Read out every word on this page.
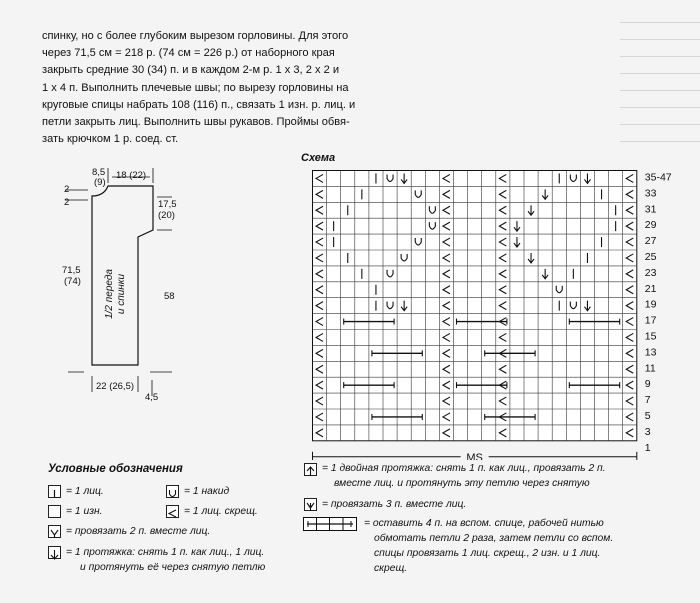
спинку, но с более глубоким вырезом горловины. Для этого
через 71,5 см = 218 р. (74 см = 226 р.) от наборного края
закрыть средние 30 (34) п. и в каждом 2-м р. 1 х 3, 2 х 2 и
1 х 4 п. Выполнить плечевые швы; по вырезу горловины на
круговые спицы набрать 108 (116) п., связать 1 изн. р. лиц. и
петли закрыть лиц. Выполнить швы рукавов. Проймы обвя-
зать крючком 1 р. соед. ст.
8,5
(9)
18 (22)
2
2	17,5
(20)
71,5
(74) 1/2 переда и спинки	58
22 (26,5)
4,5
Схема
35-47
33
31
29
27
25
23
21
19
17
15
13
11
9
7
5
3
1
MS
Условные обозначения
= 1 лиц.
= 1 изн.
= провязать 2 п. вместе лиц.
= 1 протяжка: снять 1 п. как лиц., 1 лиц.
и протянуть её через снятую петлю
= 1 накид
= 1 лиц. скрещ.
= 1 двойная протяжка: снять 1 п. как лиц., провязать 2 п.
вместе лиц. и протянуть эту петлю через снятую
= провязать 3 п. вместе лиц.
= оставить 4 п. на вспом. спице, рабочей нитью
обмотать петли 2 раза, затем петли со вспом.
спицы провязать 1 лиц. скрещ., 2 изн. и 1 лиц.
скрещ.
